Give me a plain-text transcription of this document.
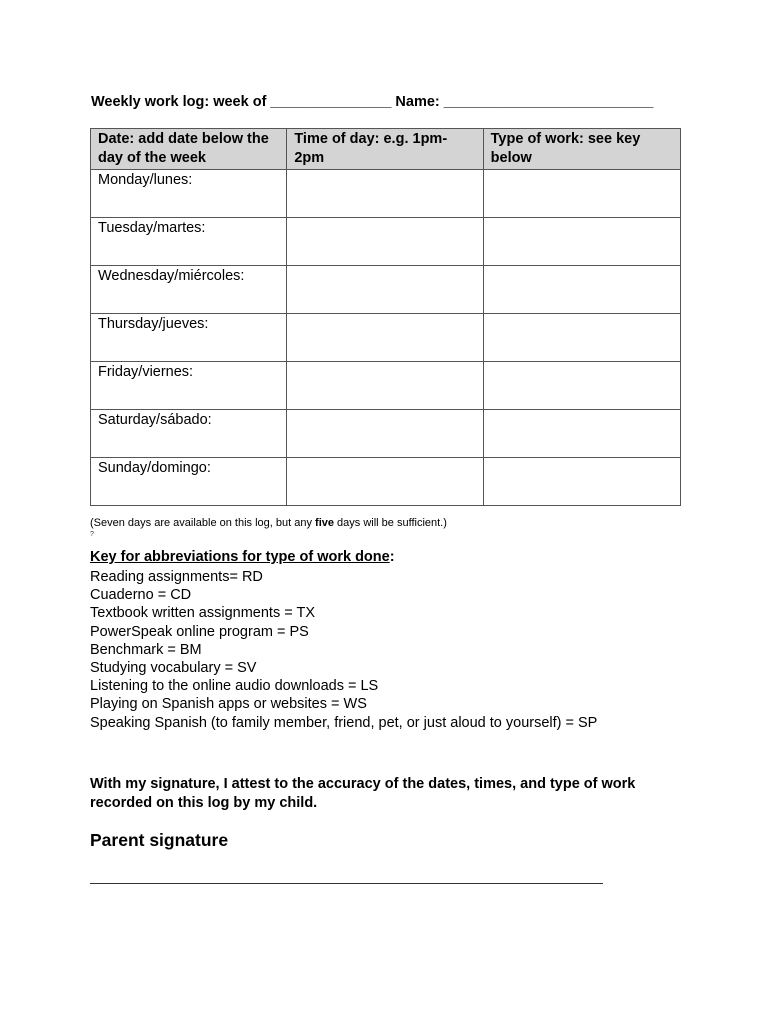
Weekly work log: week of _______________ Name: __________________________
Date: add date below the day of the week	Time of day: e.g. 1pm-2pm	Type of work: see key below
Monday/lunes:		
Tuesday/martes:		
Wednesday/miércoles:		
Thursday/jueves:		
Friday/viernes:		
Saturday/sábado:		
Sunday/domingo:		
(Seven days are available on this log, but any five days will be sufficient.)
?
Key for abbreviations for type of work done:
Reading assignments= RD
Cuaderno = CD
Textbook written assignments = TX
PowerSpeak online program = PS
Benchmark = BM
Studying vocabulary = SV
Listening to the online audio downloads = LS
Playing on Spanish apps or websites = WS
Speaking Spanish (to family member, friend, pet, or just aloud to yourself) = SP
With my signature, I attest to the accuracy of the dates, times, and type of work recorded on this log by my child.
Parent signature
